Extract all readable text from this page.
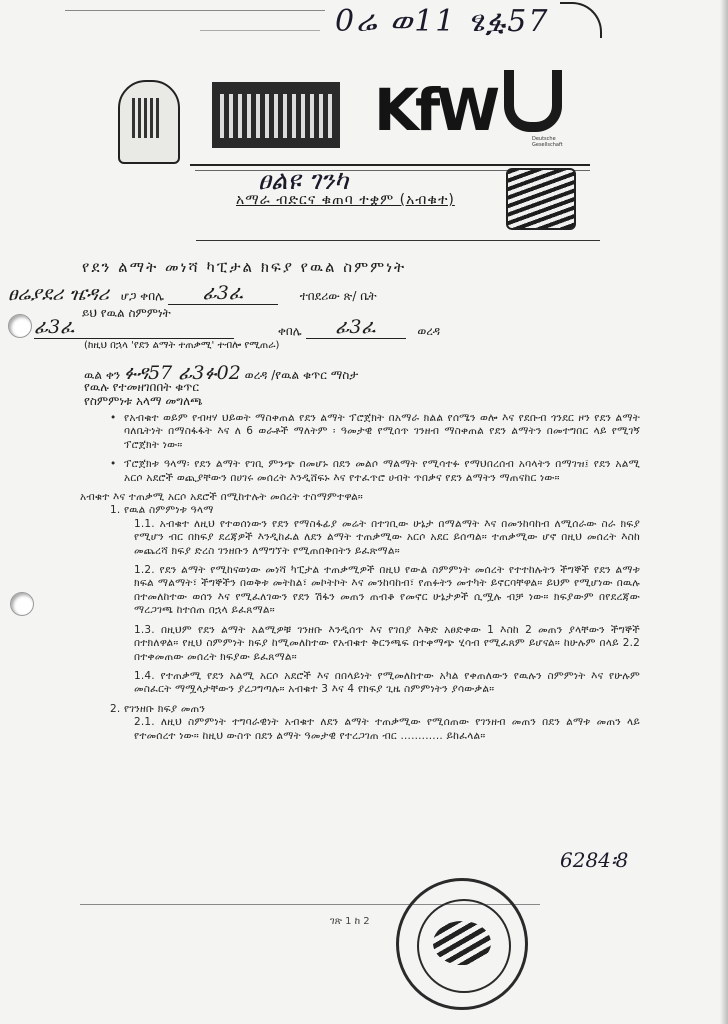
0ሬ ወ11 ፄፏ57
KfW	Deutsche Gesellschaft
ፀልዩ ገንካ
አማራ ብድርና ቁጠባ ተቋም (አብቁተ)
የደን ልማት መነሻ ካፒታል ክፍያ የዉል ስምምነት
ፀሬያደሪ ዤዳሪ ሆጋ ቀበሌ ፊ3ፈ	ተበደሪው ጽ/ ቤት
ይህ የዉል ስምምነት
ፊ3ፈ	ቀበሌ ፊ3ፈ	ወረዳ
(ከዚህ በኋላ 'የደን ልማት ተጠቃሚ' ተብሎ የሚጠራ)
ዉል ቀን ፉዳ57 ፊ3ፉ02 ወረዳ /የዉል ቁጥር ማስታ
የዉሉ የተመዘገበበት ቁጥር
የስምምነቱ አላማ መግለጫ

• የአብቁተ ወይም የብዛሃ ህይወት ማስቀጠል የደን ልማት ፕሮጀክት በአማራ ክልል የሰሜን ወሎ እና የደቡብ ጎንደር ዞን የደን ልማት ባለቤትነት በማስፋፋት እና ለ 6 ወራቶች ማለትም ፡ ዓመታዊ የሚሰጥ ገንዘብ ማስቀጠል የደን ልማትን በመተግበር ላይ የሚገኝ ፕሮጀክት ነው።

• ፕሮጀክቱ ዓላማ፡ የደን ልማት የገቢ ምንጭ በመሆኑ በደን መልሶ ማልማት የሚሳተፉ የማህበረሰብ አባላትን በማገዝ፤ የደን አልሚ አርሶ አደሮች ወጪያቸውን በሀገሩ መሰረት እንዲሸፍኑ እና የተፈጥሮ ሀብት ጥበቃና የደን ልማትን ማጠናከር ነው።

አብቁተ እና ተጠቃሚ አርሶ አደሮች በሚከተሉት መሰረት ተስማምተዋል።

1. የዉል ስምምነቱ ዓላማ

1.1. አብቁተ ለዚህ የተወሰነውን የደን የማስፋፊያ መሬት በተገቢው ሁኔታ በማልማት እና በመንከባከብ ለሚሰራው ስራ ክፍያ የሚሆን ብር በክፍያ ደረጃዎች እንዲከፈል ለደን ልማት ተጠቃሚው አርሶ አደር ይሰጣል። ተጠቃሚው ሆኖ በዚህ መሰረት እስከ መጨረሻ ክፍያ ድረስ ገንዘቡን ለማግኘት የሚጠበቅበትን ይፈጽማል።

1.2. የደን ልማት የሚከናወነው መነሻ ካፒታል ተጠቃሚዎች በዚህ የውል ስምምነት መሰረት የተተከሉትን ችግኞች የደን ልማቱ ክፍል ማልማት፣ ችግኞችን በወቅቱ መትከል፣ መኮትኮት እና መንከባከብ፣ የጠፉትን መተካት ይኖርባቸዋል። ይህም የሚሆነው በዉሉ በተመለከተው ወሰን እና የሚፈለገውን የደን ሽፋን መጠን ጠብቆ የመኖር ሁኔታዎች ሲሟሉ ብቻ ነው። ክፍያውም በየደረጃው ማረጋገጫ ከተሰጠ በኋላ ይፈጸማል።

1.3. በዚህም የደን ልማት አልሚዎቹ ገንዘቡ እንዲሰጥ እና የገበያ እቅድ አፀድቀው 1 እስከ 2 መጠን ያላቸውን ችግኞች በተክለዋል። የዚህ ስምምነት ክፍያ ከሚመለከተው የአብቁተ ቅርንጫፍ በተቀማጭ ሂሳብ የሚፈጸም ይሆናል። ከሁሉም በላይ 2.2 በተቀመጠው መሰረት ክፍያው ይፈጸማል።

1.4. የተጠቃሚ የደን አልሚ አርሶ አደሮች እና በበላይነት የሚመለከተው አካል የቀጠለውን የዉሉን ስምምነት እና የሁሉም መስፈርት ማሟላታቸውን ያረጋግጣሉ። አብቁተ 3 እና 4 የክፍያ ጊዜ ስምምነትን ያሳውቃል።

2. የገንዘቡ ክፍያ መጠን

2.1. ለዚህ ስምምነት ተግባራዊነት አብቁተ ለደን ልማት ተጠቃሚው የሚሰጠው የገንዘብ መጠን በደን ልማቱ መጠን ላይ የተመሰረተ ነው። ከዚህ ውስጥ በደን ልማት ዓመታዊ የተረጋገጠ ብር ............ ይከፈላል።

6284፡8
ገጽ 1 ከ 2
